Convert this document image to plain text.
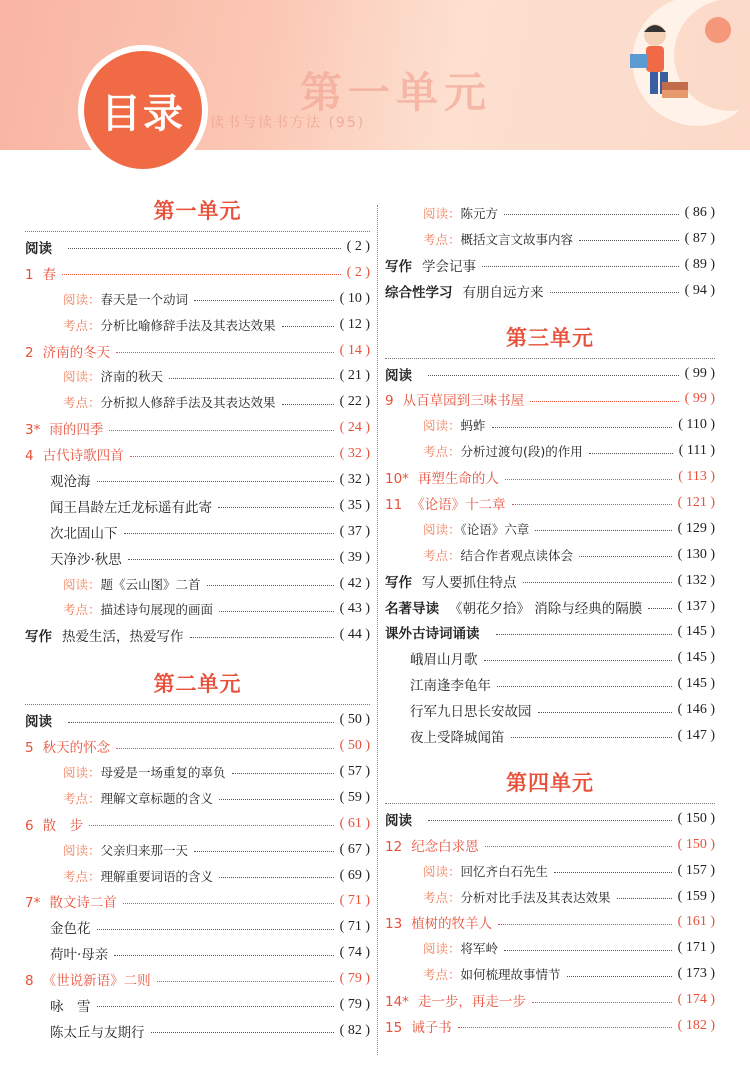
第一单元
读书与读书方法 (95)
目录
第一单元
阅读	( 2 )
1 春	( 2 )
阅读：春天是一个动词	( 10 )
考点：分析比喻修辞手法及其表达效果	( 12 )
2 济南的冬天	( 14 )
阅读：济南的秋天	( 21 )
考点：分析拟人修辞手法及其表达效果	( 22 )
3* 雨的四季	( 24 )
4 古代诗歌四首	( 32 )
观沧海	( 32 )
闻王昌龄左迁龙标遥有此寄	( 35 )
次北固山下	( 37 )
天净沙·秋思	( 39 )
阅读：题《云山图》二首	( 42 )
考点：描述诗句展现的画面	( 43 )
写作 热爱生活，热爱写作	( 44 )
第二单元
阅读	( 50 )
5 秋天的怀念	( 50 )
阅读：母爱是一场重复的辜负	( 57 )
考点：理解文章标题的含义	( 59 )
6 散　步	( 61 )
阅读：父亲归来那一天	( 67 )
考点：理解重要词语的含义	( 69 )
7* 散文诗二首	( 71 )
金色花	( 71 )
荷叶·母亲	( 74 )
8 《世说新语》二则	( 79 )
咏　雪	( 79 )
陈太丘与友期行	( 82 )
阅读：陈元方	( 86 )
考点：概括文言文故事内容	( 87 )
写作 学会记事	( 89 )
综合性学习 有朋自远方来	( 94 )
第三单元
阅读	( 99 )
9 从百草园到三味书屋	( 99 )
阅读：蚂蚱	( 110 )
考点：分析过渡句(段)的作用	( 111 )
10* 再塑生命的人	( 113 )
11 《论语》十二章	( 121 )
阅读：《论语》六章	( 129 )
考点：结合作者观点读体会	( 130 )
写作 写人要抓住特点	( 132 )
名著导读 《朝花夕拾》 消除与经典的隔膜	( 137 )
课外古诗词诵读	( 145 )
峨眉山月歌	( 145 )
江南逢李龟年	( 145 )
行军九日思长安故园	( 146 )
夜上受降城闻笛	( 147 )
第四单元
阅读	( 150 )
12 纪念白求恩	( 150 )
阅读：回忆齐白石先生	( 157 )
考点：分析对比手法及其表达效果	( 159 )
13 植树的牧羊人	( 161 )
阅读：将军岭	( 171 )
考点：如何梳理故事情节	( 173 )
14* 走一步，再走一步	( 174 )
15 诫子书	( 182 )
